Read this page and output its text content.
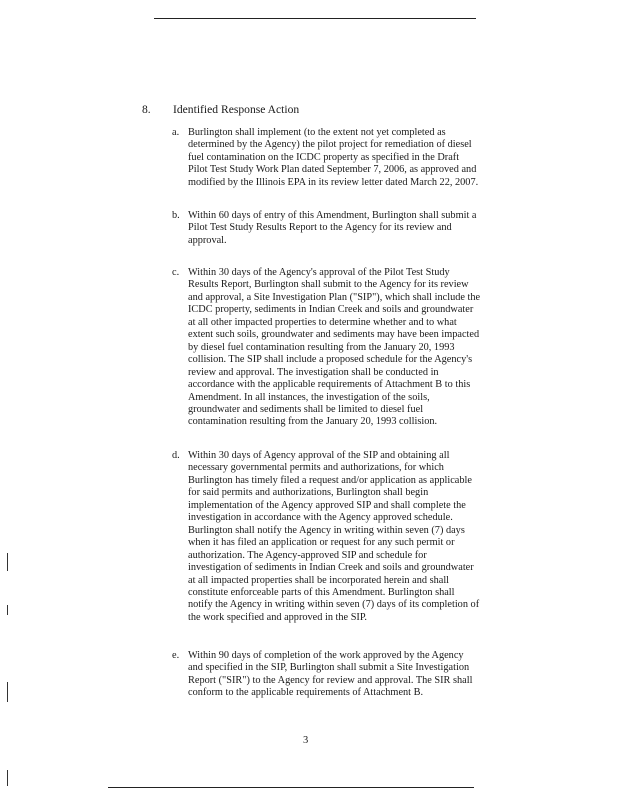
8. Identified Response Action
a. Burlington shall implement (to the extent not yet completed as
determined by the Agency) the pilot project for remediation of diesel
fuel contamination on the ICDC property as specified in the Draft
Pilot Test Study Work Plan dated September 7, 2006, as approved and
modified by the Illinois EPA in its review letter dated March 22, 2007.
b. Within 60 days of entry of this Amendment, Burlington shall submit a
Pilot Test Study Results Report to the Agency for its review and
approval.
c. Within 30 days of the Agency's approval of the Pilot Test Study
Results Report, Burlington shall submit to the Agency for its review
and approval, a Site Investigation Plan ("SIP"), which shall include the
ICDC property, sediments in Indian Creek and soils and groundwater
at all other impacted properties to determine whether and to what
extent such soils, groundwater and sediments may have been impacted
by diesel fuel contamination resulting from the January 20, 1993
collision. The SIP shall include a proposed schedule for the Agency's
review and approval. The investigation shall be conducted in
accordance with the applicable requirements of Attachment B to this
Amendment. In all instances, the investigation of the soils,
groundwater and sediments shall be limited to diesel fuel
contamination resulting from the January 20, 1993 collision.
d. Within 30 days of Agency approval of the SIP and obtaining all
necessary governmental permits and authorizations, for which
Burlington has timely filed a request and/or application as applicable
for said permits and authorizations, Burlington shall begin
implementation of the Agency approved SIP and shall complete the
investigation in accordance with the Agency approved schedule.
Burlington shall notify the Agency in writing within seven (7) days
when it has filed an application or request for any such permit or
authorization. The Agency-approved SIP and schedule for
investigation of sediments in Indian Creek and soils and groundwater
at all impacted properties shall be incorporated herein and shall
constitute enforceable parts of this Amendment. Burlington shall
notify the Agency in writing within seven (7) days of its completion of
the work specified and approved in the SIP.
e. Within 90 days of completion of the work approved by the Agency
and specified in the SIP, Burlington shall submit a Site Investigation
Report ("SIR") to the Agency for review and approval. The SIR shall
conform to the applicable requirements of Attachment B.
3
